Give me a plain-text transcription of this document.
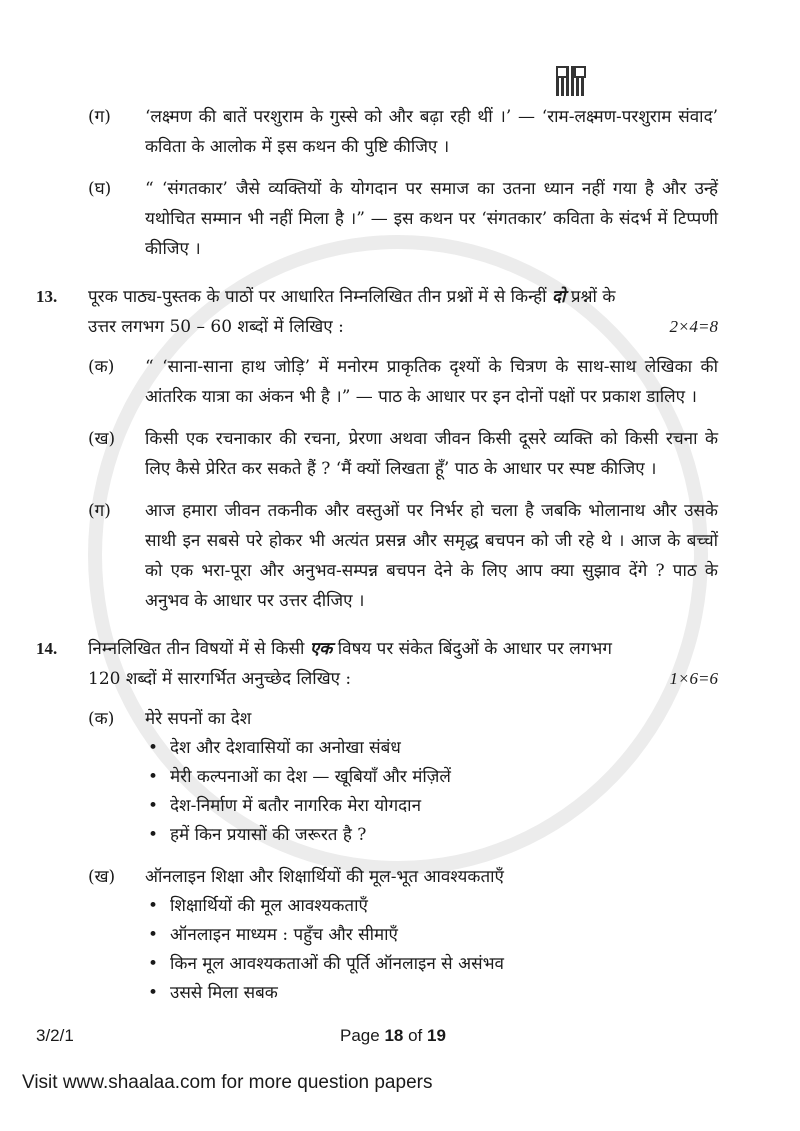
(ग)	‘लक्ष्मण की बातें परशुराम के गुस्से को और बढ़ा रही थीं ।’ — ‘राम-लक्ष्मण-परशुराम संवाद’ कविता के आलोक में इस कथन की पुष्टि कीजिए ।
(घ)	“ ‘संगतकार’ जैसे व्यक्तियों के योगदान पर समाज का उतना ध्यान नहीं गया है और उन्हें यथोचित सम्मान भी नहीं मिला है ।” — इस कथन पर ‘संगतकार’ कविता के संदर्भ में टिप्पणी कीजिए ।
13.	पूरक पाठ्य-पुस्तक के पाठों पर आधारित निम्नलिखित तीन प्रश्नों में से किन्हीं दो प्रश्नों के
उत्तर लगभग 50 – 60 शब्दों में लिखिए :	2×4=8
(क)	“ ‘साना-साना हाथ जोड़ि’ में मनोरम प्राकृतिक दृश्यों के चित्रण के साथ-साथ लेखिका की आंतरिक यात्रा का अंकन भी है ।” — पाठ के आधार पर इन दोनों पक्षों पर प्रकाश डालिए ।
(ख)	किसी एक रचनाकार की रचना, प्रेरणा अथवा जीवन किसी दूसरे व्यक्ति को किसी रचना के लिए कैसे प्रेरित कर सकते हैं ? ‘मैं क्यों लिखता हूँ’ पाठ के आधार पर स्पष्ट कीजिए ।
(ग)	आज हमारा जीवन तकनीक और वस्तुओं पर निर्भर हो चला है जबकि भोलानाथ और उसके साथी इन सबसे परे होकर भी अत्यंत प्रसन्न और समृद्ध बचपन को जी रहे थे । आज के बच्चों को एक भरा-पूरा और अनुभव-सम्पन्न बचपन देने के लिए आप क्या सुझाव देंगे ? पाठ के अनुभव के आधार पर उत्तर दीजिए ।
14.	निम्नलिखित तीन विषयों में से किसी एक विषय पर संकेत बिंदुओं के आधार पर लगभग
120 शब्दों में सारगर्भित अनुच्छेद लिखिए :	1×6=6
(क)	मेरे सपनों का देश
• देश और देशवासियों का अनोखा संबंध
• मेरी कल्पनाओं का देश — खूबियाँ और मंज़िलें
• देश-निर्माण में बतौर नागरिक मेरा योगदान
• हमें किन प्रयासों की जरूरत है ?
(ख)	ऑनलाइन शिक्षा और शिक्षार्थियों की मूल-भूत आवश्यकताएँ
• शिक्षार्थियों की मूल आवश्यकताएँ
• ऑनलाइन माध्यम : पहुँच और सीमाएँ
• किन मूल आवश्यकताओं की पूर्ति ऑनलाइन से असंभव
• उससे मिला सबक
3/2/1	Page 18 of 19
Visit www.shaalaa.com for more question papers
